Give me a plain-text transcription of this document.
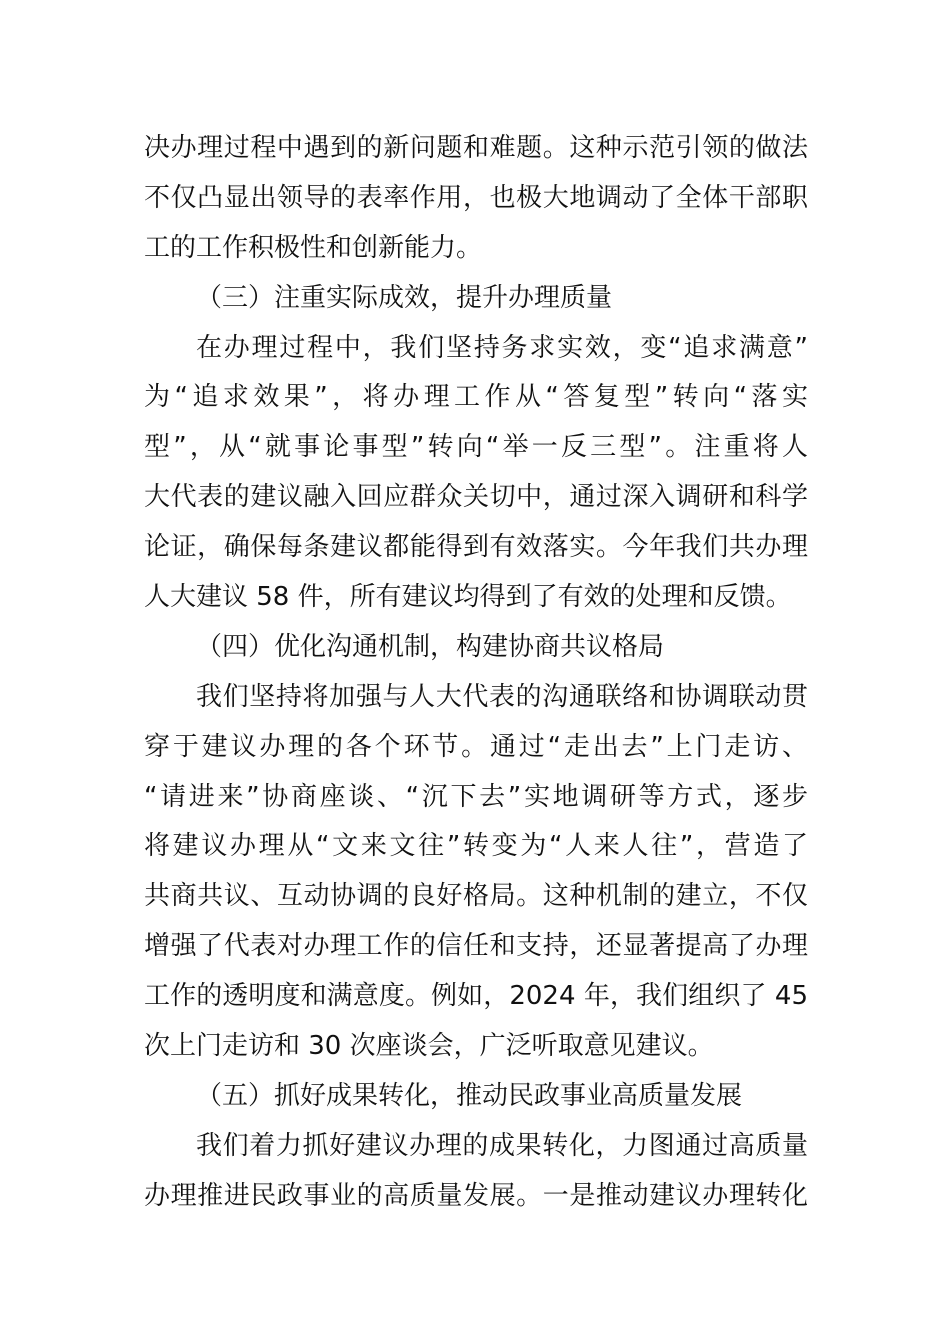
决办理过程中遇到的新问题和难题。这种示范引领的做法
不仅凸显出领导的表率作用，也极大地调动了全体干部职
工的工作积极性和创新能力。
（三）注重实际成效，提升办理质量
在办理过程中，我们坚持务求实效，变“追求满意”
为“追求效果”，将办理工作从“答复型”转向“落实
型”，从“就事论事型”转向“举一反三型”。注重将人
大代表的建议融入回应群众关切中，通过深入调研和科学
论证，确保每条建议都能得到有效落实。今年我们共办理
人大建议 58 件，所有建议均得到了有效的处理和反馈。
（四）优化沟通机制，构建协商共议格局
我们坚持将加强与人大代表的沟通联络和协调联动贯
穿于建议办理的各个环节。通过“走出去”上门走访、
“请进来”协商座谈、“沉下去”实地调研等方式，逐步
将建议办理从“文来文往”转变为“人来人往”，营造了
共商共议、互动协调的良好格局。这种机制的建立，不仅
增强了代表对办理工作的信任和支持，还显著提高了办理
工作的透明度和满意度。例如，2024 年，我们组织了 45
次上门走访和 30 次座谈会，广泛听取意见建议。
（五）抓好成果转化，推动民政事业高质量发展
我们着力抓好建议办理的成果转化，力图通过高质量
办理推进民政事业的高质量发展。一是推动建议办理转化
